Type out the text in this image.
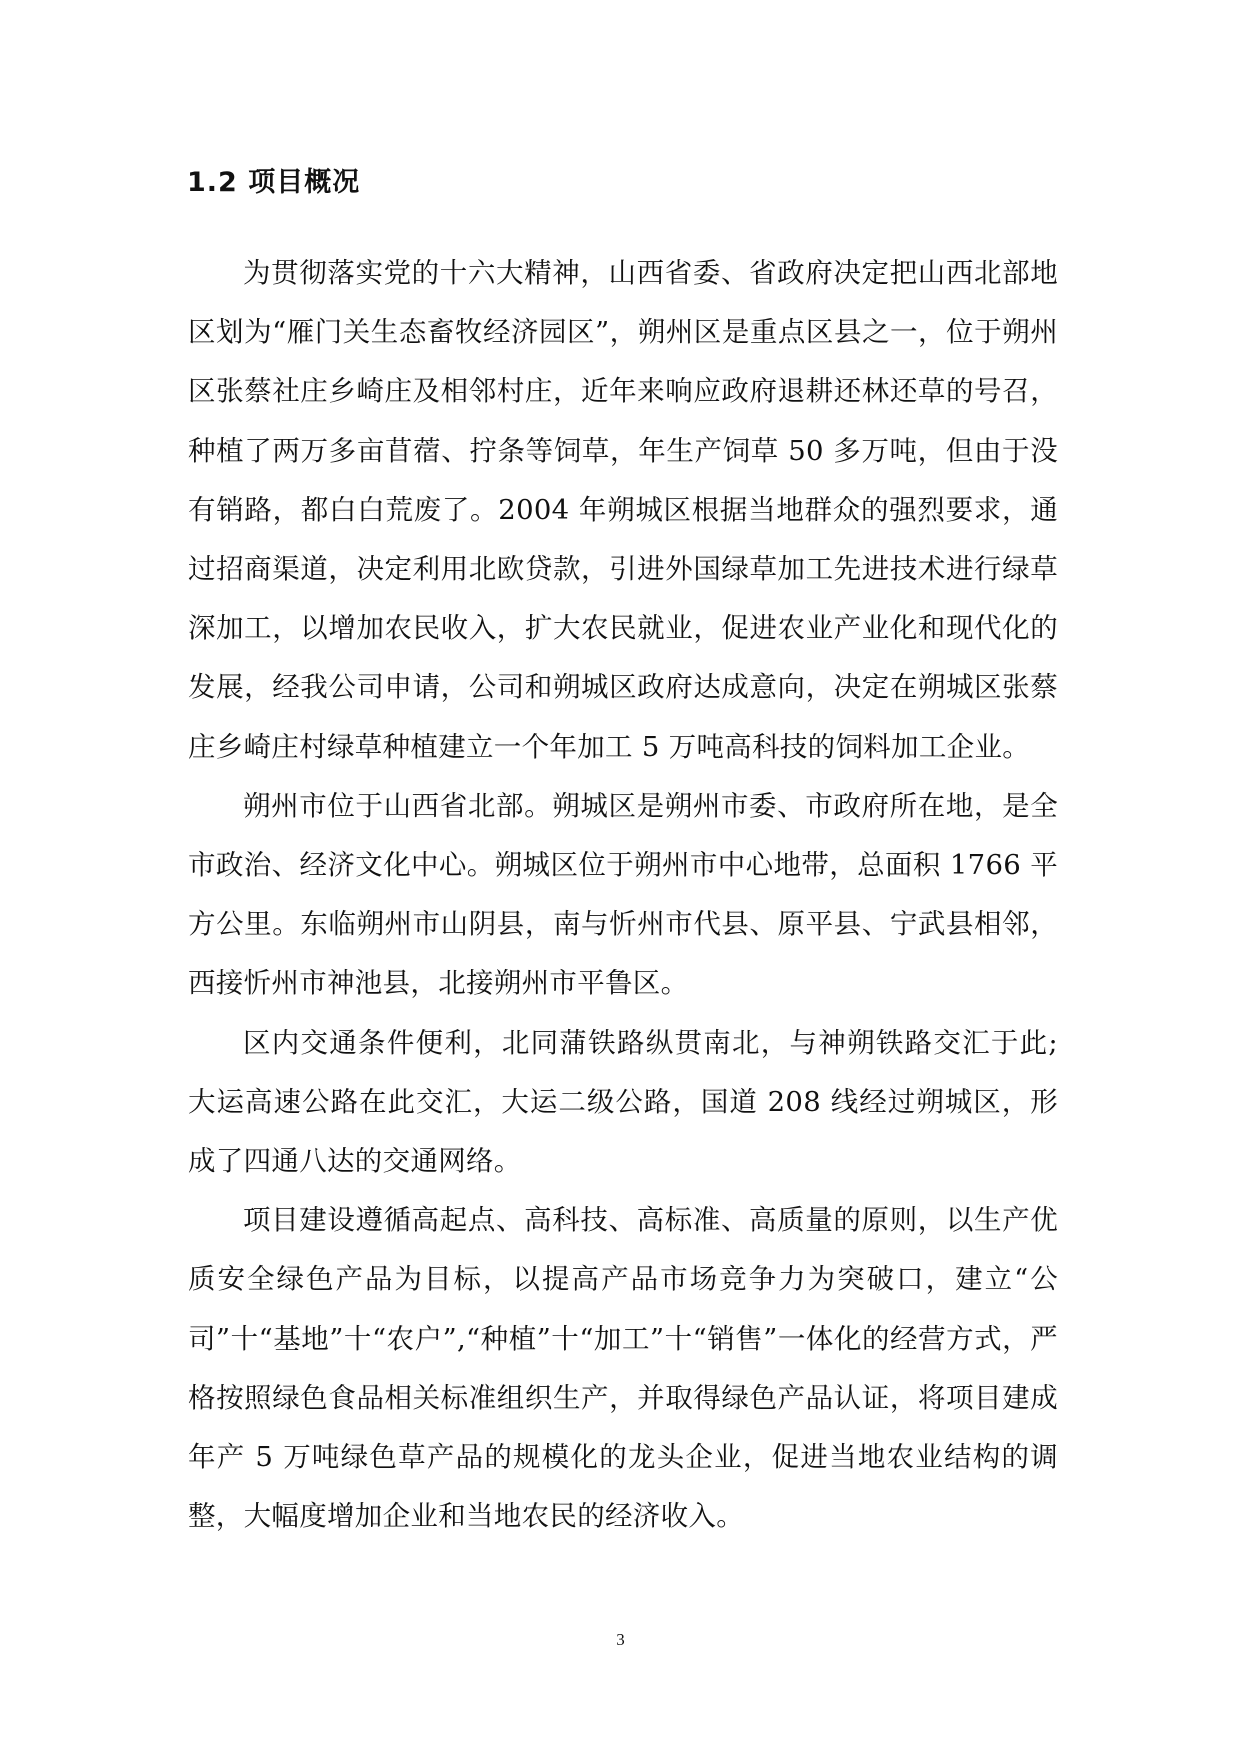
1.2 项目概况

为贯彻落实党的十六大精神，山西省委、省政府决定把山西北部地区划为“雁门关生态畜牧经济园区”，朔州区是重点区县之一，位于朔州区张蔡社庄乡崎庄及相邻村庄，近年来响应政府退耕还林还草的号召，种植了两万多亩苜蓿、拧条等饲草，年生产饲草 50 多万吨，但由于没有销路，都白白荒废了。2004 年朔城区根据当地群众的强烈要求，通过招商渠道，决定利用北欧贷款，引进外国绿草加工先进技术进行绿草深加工，以增加农民收入，扩大农民就业，促进农业产业化和现代化的发展，经我公司申请，公司和朔城区政府达成意向，决定在朔城区张蔡庄乡崎庄村绿草种植建立一个年加工 5 万吨高科技的饲料加工企业。

朔州市位于山西省北部。朔城区是朔州市委、市政府所在地，是全市政治、经济文化中心。朔城区位于朔州市中心地带，总面积 1766 平方公里。东临朔州市山阴县，南与忻州市代县、原平县、宁武县相邻，西接忻州市神池县，北接朔州市平鲁区。

区内交通条件便利，北同蒲铁路纵贯南北，与神朔铁路交汇于此;大运高速公路在此交汇，大运二级公路，国道 208 线经过朔城区，形成了四通八达的交通网络。

项目建设遵循高起点、高科技、高标准、高质量的原则，以生产优质安全绿色产品为目标，以提高产品市场竞争力为突破口，建立“公司”十“基地”十“农户”,“种植”十“加工”十“销售”一体化的经营方式，严格按照绿色食品相关标准组织生产，并取得绿色产品认证，将项目建成年产 5 万吨绿色草产品的规模化的龙头企业，促进当地农业结构的调整，大幅度增加企业和当地农民的经济收入。

3
